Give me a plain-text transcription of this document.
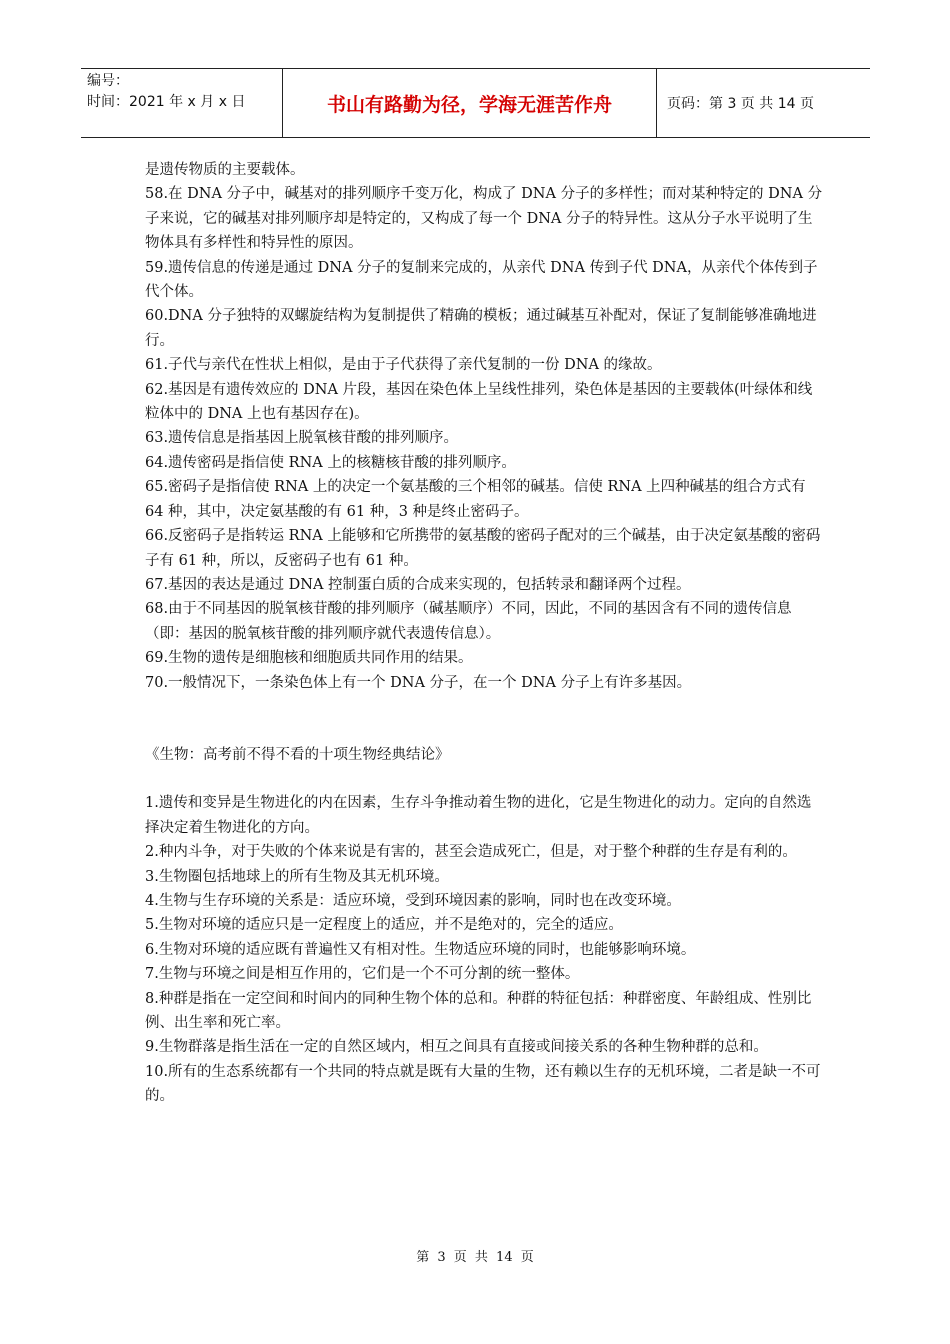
编号：
时间：2021 年 x 月 x 日	书山有路勤为径，学海无涯苦作舟	页码：第 3 页 共 14 页

是遗传物质的主要载体。

58.在 DNA 分子中，碱基对的排列顺序千变万化，构成了 DNA 分子的多样性；而对某种特定的 DNA 分子来说，它的碱基对排列顺序却是特定的，又构成了每一个 DNA 分子的特异性。这从分子水平说明了生物体具有多样性和特异性的原因。

59.遗传信息的传递是通过 DNA 分子的复制来完成的，从亲代 DNA 传到子代 DNA，从亲代个体传到子代个体。

60.DNA 分子独特的双螺旋结构为复制提供了精确的模板；通过碱基互补配对，保证了复制能够准确地进行。

61.子代与亲代在性状上相似，是由于子代获得了亲代复制的一份 DNA 的缘故。

62.基因是有遗传效应的 DNA 片段，基因在染色体上呈线性排列，染色体是基因的主要载体(叶绿体和线粒体中的 DNA 上也有基因存在)。

63.遗传信息是指基因上脱氧核苷酸的排列顺序。

64.遗传密码是指信使 RNA 上的核糖核苷酸的排列顺序。

65.密码子是指信使 RNA 上的决定一个氨基酸的三个相邻的碱基。信使 RNA 上四种碱基的组合方式有 64 种，其中，决定氨基酸的有 61 种，3 种是终止密码子。

66.反密码子是指转运 RNA 上能够和它所携带的氨基酸的密码子配对的三个碱基，由于决定氨基酸的密码子有 61 种，所以，反密码子也有 61 种。

67.基因的表达是通过 DNA 控制蛋白质的合成来实现的，包括转录和翻译两个过程。

68.由于不同基因的脱氧核苷酸的排列顺序（碱基顺序）不同，因此，不同的基因含有不同的遗传信息（即：基因的脱氧核苷酸的排列顺序就代表遗传信息）。

69.生物的遗传是细胞核和细胞质共同作用的结果。

70.一般情况下，一条染色体上有一个 DNA 分子，在一个 DNA 分子上有许多基因。

《生物：高考前不得不看的十项生物经典结论》

1.遗传和变异是生物进化的内在因素，生存斗争推动着生物的进化，它是生物进化的动力。定向的自然选择决定着生物进化的方向。

2.种内斗争，对于失败的个体来说是有害的，甚至会造成死亡，但是，对于整个种群的生存是有利的。

3.生物圈包括地球上的所有生物及其无机环境。

4.生物与生存环境的关系是：适应环境，受到环境因素的影响，同时也在改变环境。

5.生物对环境的适应只是一定程度上的适应，并不是绝对的，完全的适应。

6.生物对环境的适应既有普遍性又有相对性。生物适应环境的同时，也能够影响环境。

7.生物与环境之间是相互作用的，它们是一个不可分割的统一整体。

8.种群是指在一定空间和时间内的同种生物个体的总和。种群的特征包括：种群密度、年龄组成、性别比例、出生率和死亡率。

9.生物群落是指生活在一定的自然区域内，相互之间具有直接或间接关系的各种生物种群的总和。

10.所有的生态系统都有一个共同的特点就是既有大量的生物，还有赖以生存的无机环境，二者是缺一不可的。

第 3 页 共 14 页
